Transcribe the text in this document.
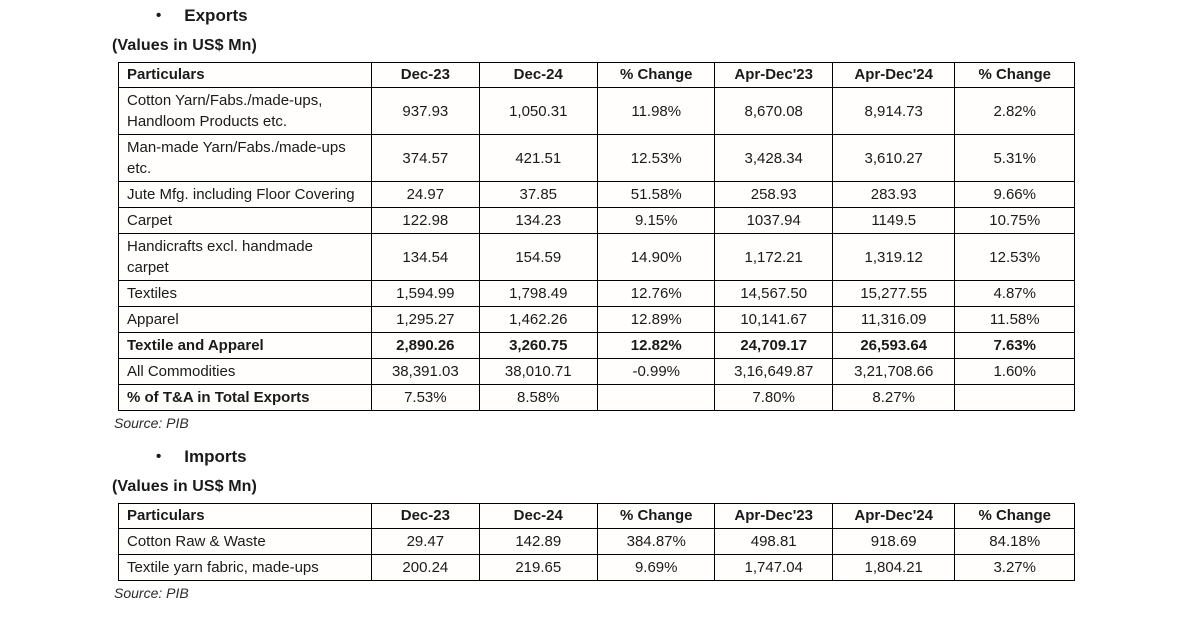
• Exports
(Values in US$ Mn)
Particulars	Dec-23	Dec-24	% Change	Apr-Dec'23	Apr-Dec'24	% Change
Cotton Yarn/Fabs./made-ups, Handloom Products etc.	937.93	1,050.31	11.98%	8,670.08	8,914.73	2.82%
Man-made Yarn/Fabs./made-ups etc.	374.57	421.51	12.53%	3,428.34	3,610.27	5.31%
Jute Mfg. including Floor Covering	24.97	37.85	51.58%	258.93	283.93	9.66%
Carpet	122.98	134.23	9.15%	1037.94	1149.5	10.75%
Handicrafts excl. handmade carpet	134.54	154.59	14.90%	1,172.21	1,319.12	12.53%
Textiles	1,594.99	1,798.49	12.76%	14,567.50	15,277.55	4.87%
Apparel	1,295.27	1,462.26	12.89%	10,141.67	11,316.09	11.58%
Textile and Apparel	2,890.26	3,260.75	12.82%	24,709.17	26,593.64	7.63%
All Commodities	38,391.03	38,010.71	-0.99%	3,16,649.87	3,21,708.66	1.60%
% of T&A in Total Exports	7.53%	8.58%		7.80%	8.27%	
Source: PIB
• Imports
(Values in US$ Mn)
Particulars	Dec-23	Dec-24	% Change	Apr-Dec'23	Apr-Dec'24	% Change
Cotton Raw & Waste	29.47	142.89	384.87%	498.81	918.69	84.18%
Textile yarn fabric, made-ups	200.24	219.65	9.69%	1,747.04	1,804.21	3.27%
Source: PIB
